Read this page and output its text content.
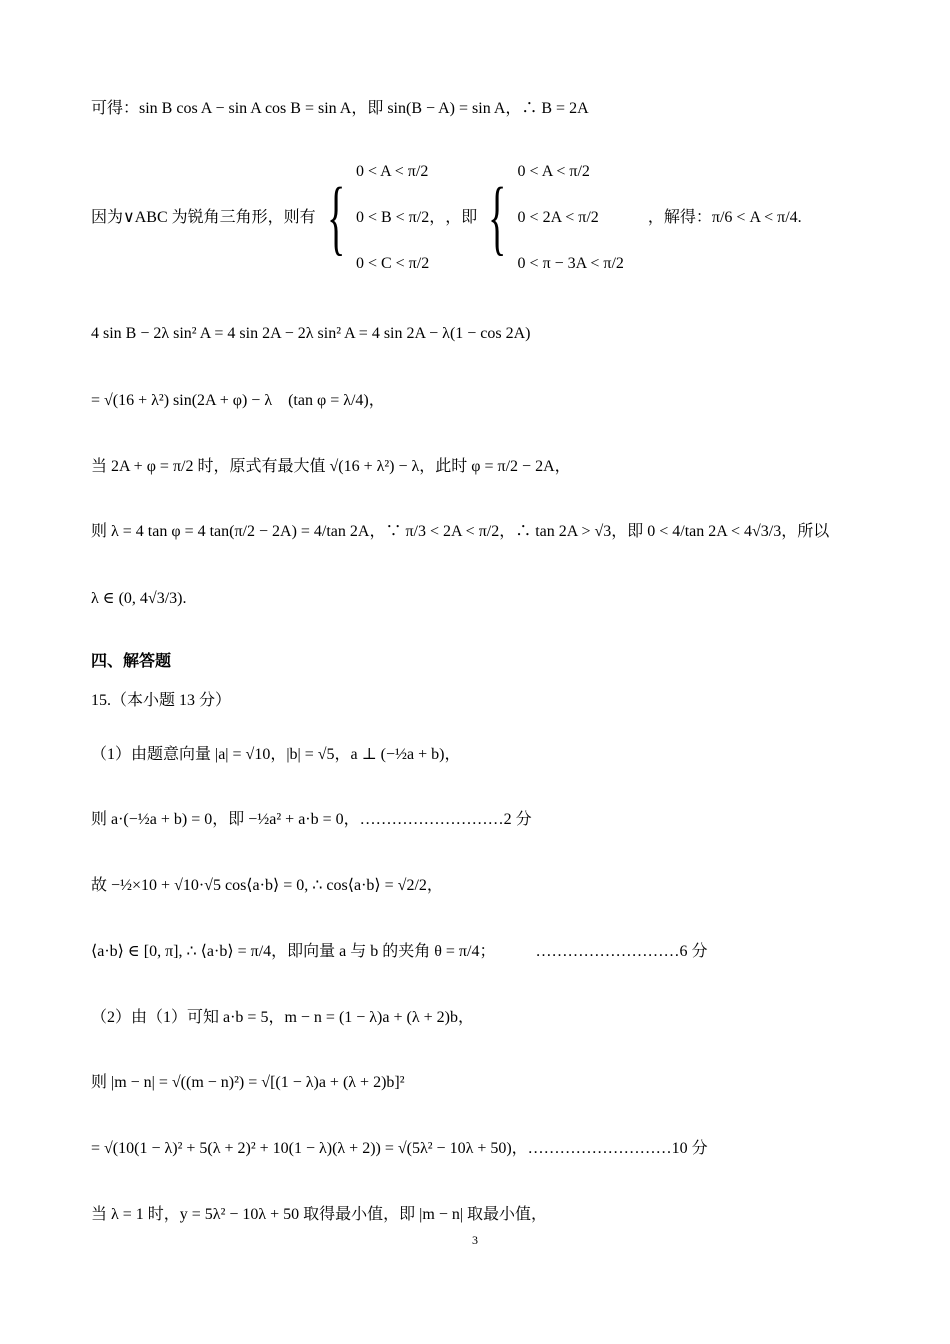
可得：sin B cos A − sin A cos B = sin A，即 sin(B − A) = sin A，∴ B = 2A
因为∨ABC 为锐角三角形，则有 { 0 < A < π/2
0 < B < π/2，
0 < C < π/2
，即 { 0 < A < π/2
0 < 2A < π/2
0 < π − 3A < π/2
，解得： π/6 < A < π/4 .
4 sin B − 2λ sin² A = 4 sin 2A − 2λ sin² A = 4 sin 2A − λ(1 − cos 2A)
= √(16 + λ²) sin(2A + φ) − λ　(tan φ = λ/4)，
当 2A + φ = π/2 时，原式有最大值 √(16 + λ²) − λ，此时 φ = π/2 − 2A，
则 λ = 4 tan φ = 4 tan(π/2 − 2A) = 4/tan 2A，∵ π/3 < 2A < π/2，∴ tan 2A > √3，即 0 < 4/tan 2A < 4√3/3，所以
λ ∈ (0, 4√3/3).
四、解答题
15.（本小题 13 分）
（1）由题意向量 |a| = √10，|b| = √5，a ⊥ (−½a + b)，
则 a·(−½a + b) = 0，即 −½a² + a·b = 0，………………………2 分
故 −½×10 + √10·√5 cos⟨a·b⟩ = 0, ∴ cos⟨a·b⟩ = √2/2，
⟨a·b⟩ ∈ [0, π], ∴ ⟨a·b⟩ = π/4，即向量 a 与 b 的夹角 θ = π/4；　　　………………………6 分
（2）由（1）可知 a·b = 5，m − n = (1 − λ)a + (λ + 2)b，
则 |m − n| = √((m − n)²) = √[(1 − λ)a + (λ + 2)b]²
= √(10(1 − λ)² + 5(λ + 2)² + 10(1 − λ)(λ + 2)) = √(5λ² − 10λ + 50)，………………………10 分
当 λ = 1 时，y = 5λ² − 10λ + 50 取得最小值，即 |m − n| 取最小值，
3
